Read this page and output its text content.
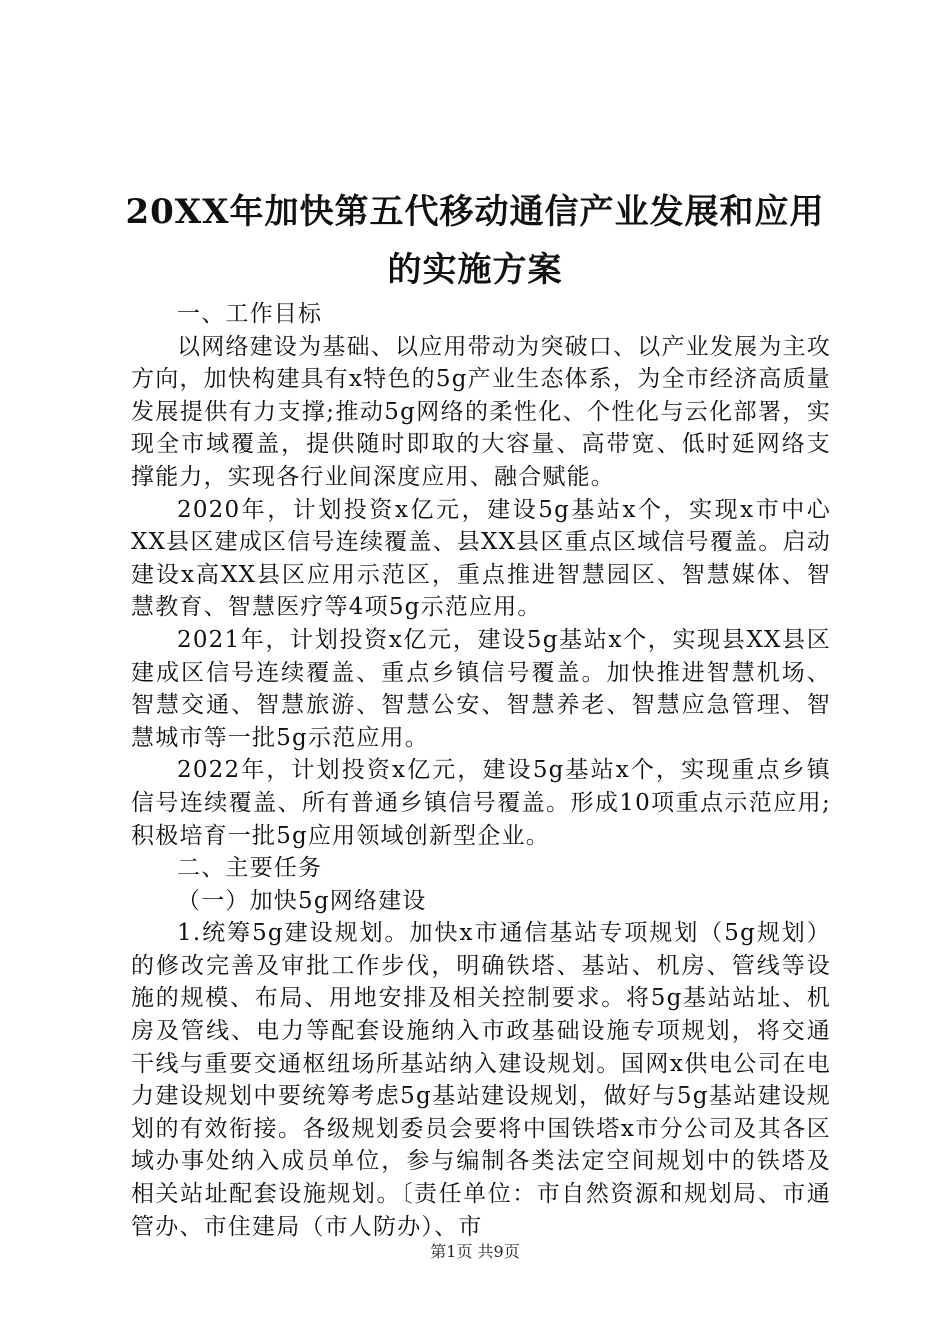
20XX年加快第五代移动通信产业发展和应用
的实施方案

一、工作目标

以网络建设为基础、以应用带动为突破口、以产业发展为主攻方向，加快构建具有x特色的5g产业生态体系，为全市经济高质量发展提供有力支撑;推动5g网络的柔性化、个性化与云化部署，实现全市域覆盖，提供随时即取的大容量、高带宽、低时延网络支撑能力，实现各行业间深度应用、融合赋能。

2020年，计划投资x亿元，建设5g基站x个，实现x市中心XX县区建成区信号连续覆盖、县XX县区重点区域信号覆盖。启动建设x高XX县区应用示范区，重点推进智慧园区、智慧媒体、智慧教育、智慧医疗等4项5g示范应用。

2021年，计划投资x亿元，建设5g基站x个，实现县XX县区建成区信号连续覆盖、重点乡镇信号覆盖。加快推进智慧机场、智慧交通、智慧旅游、智慧公安、智慧养老、智慧应急管理、智慧城市等一批5g示范应用。

2022年，计划投资x亿元，建设5g基站x个，实现重点乡镇信号连续覆盖、所有普通乡镇信号覆盖。形成10项重点示范应用;积极培育一批5g应用领域创新型企业。

二、主要任务

（一）加快5g网络建设

1.统筹5g建设规划。加快x市通信基站专项规划（5g规划）的修改完善及审批工作步伐，明确铁塔、基站、机房、管线等设施的规模、布局、用地安排及相关控制要求。将5g基站站址、机房及管线、电力等配套设施纳入市政基础设施专项规划，将交通干线与重要交通枢纽场所基站纳入建设规划。国网x供电公司在电力建设规划中要统筹考虑5g基站建设规划，做好与5g基站建设规划的有效衔接。各级规划委员会要将中国铁塔x市分公司及其各区域办事处纳入成员单位，参与编制各类法定空间规划中的铁塔及相关站址配套设施规划。〔责任单位：市自然资源和规划局、市通管办、市住建局（市人防办）、市

第1页 共9页
